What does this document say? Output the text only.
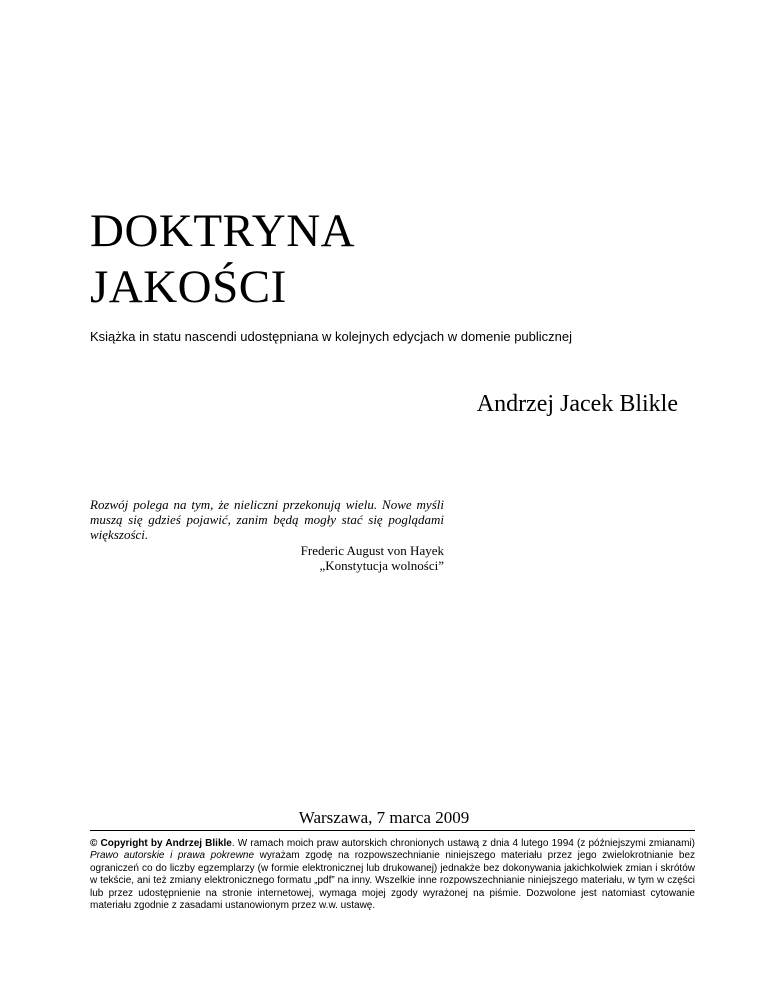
DOKTRYNA
JAKOŚCI
Książka in statu nascendi udostępniana w kolejnych edycjach w domenie publicznej
Andrzej Jacek Blikle
Rozwój polega na tym, że nieliczni przekonują wielu. Nowe myśli muszą się gdzieś pojawić, zanim będą mogły stać się poglądami większości.
Frederic August von Hayek
„Konstytucja wolności”
Warszawa, 7 marca 2009
© Copyright by Andrzej Blikle. W ramach moich praw autorskich chronionych ustawą z dnia 4 lutego 1994 (z późniejszymi zmianami) Prawo autorskie i prawa pokrewne wyrażam zgodę na rozpowszechnianie niniejszego materiału przez jego zwielokrotnianie bez ograniczeń co do liczby egzemplarzy (w formie elektronicznej lub drukowanej) jednakże bez dokonywania jakichkolwiek zmian i skrótów w tekście, ani też zmiany elektronicznego formatu „pdf” na inny. Wszelkie inne rozpowszechnianie niniejszego materiału, w tym w części lub przez udostępnienie na stronie internetowej, wymaga mojej zgody wyrażonej na piśmie. Dozwolone jest natomiast cytowanie materiału zgodnie z zasadami ustanowionym przez w.w. ustawę.
